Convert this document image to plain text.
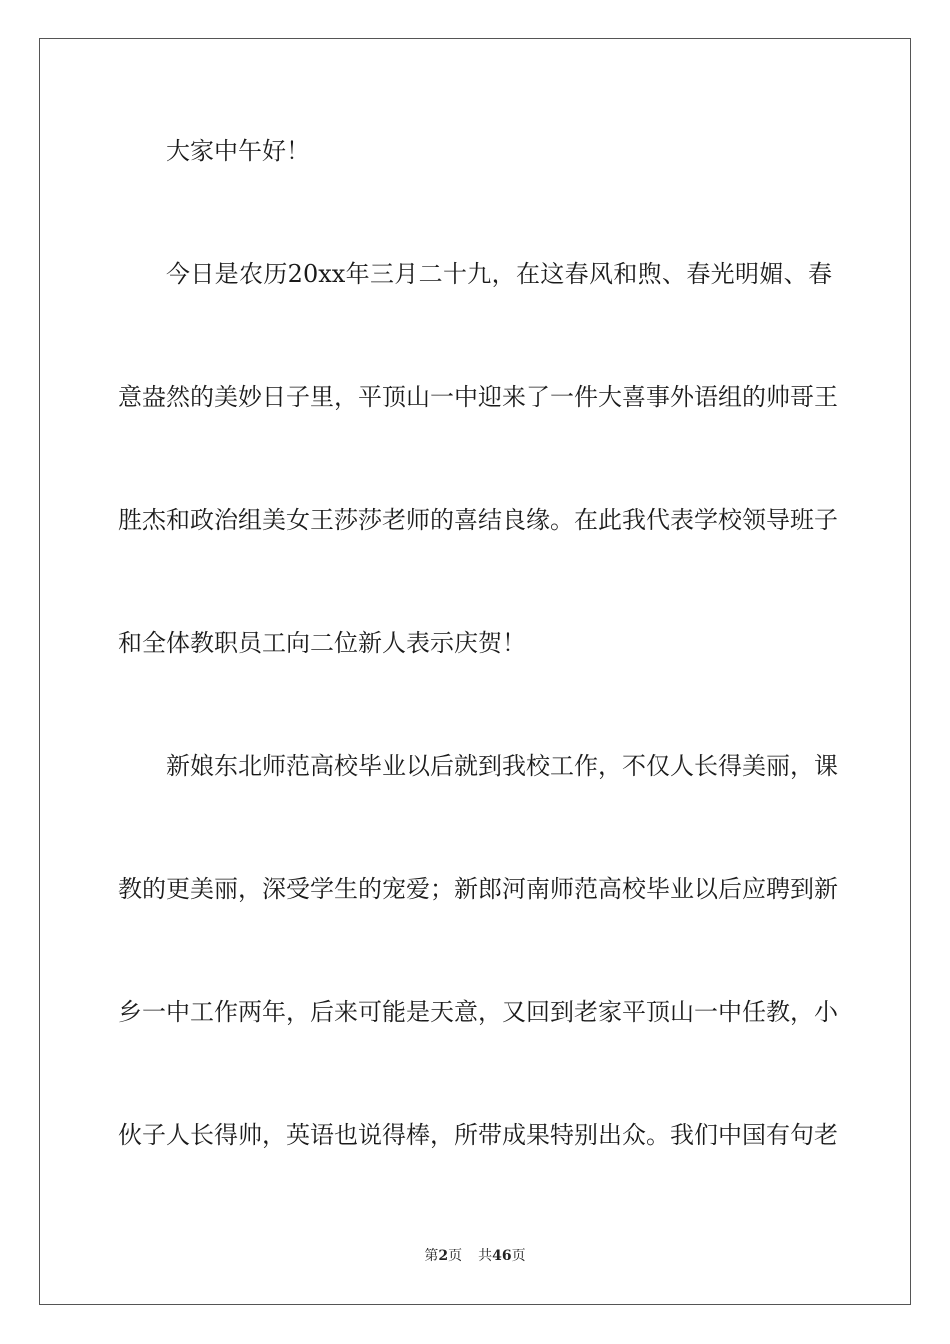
大家中午好！
今日是农历20xx年三月二十九，在这春风和煦、春光明媚、春
意盎然的美妙日子里，平顶山一中迎来了一件大喜事外语组的帅哥王
胜杰和政治组美女王莎莎老师的喜结良缘。在此我代表学校领导班子
和全体教职员工向二位新人表示庆贺！
新娘东北师范高校毕业以后就到我校工作，不仅人长得美丽，课
教的更美丽，深受学生的宠爱；新郎河南师范高校毕业以后应聘到新
乡一中工作两年，后来可能是天意，又回到老家平顶山一中任教，小
伙子人长得帅，英语也说得棒，所带成果特别出众。我们中国有句老
第2页 共46页
